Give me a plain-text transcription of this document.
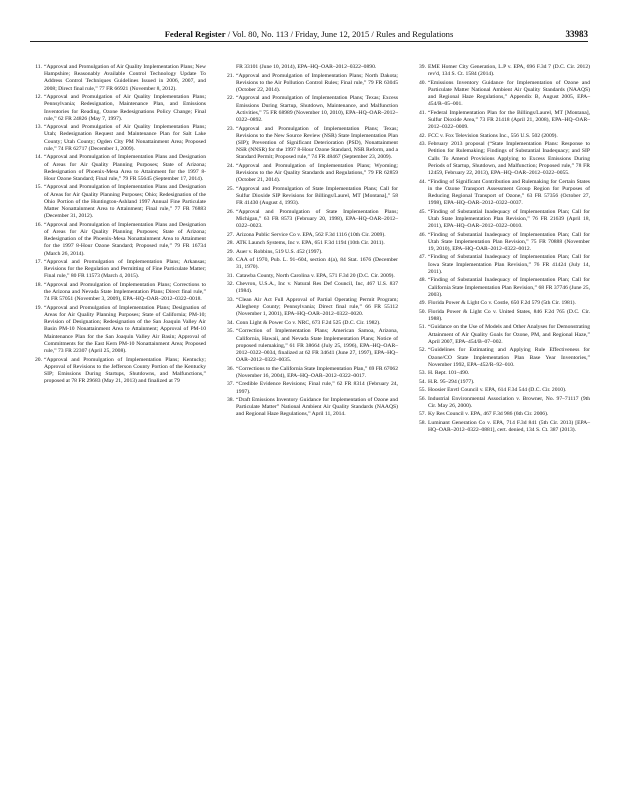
Federal Register / Vol. 80, No. 113 / Friday, June 12, 2015 / Rules and Regulations	33983
11. “Approval and Promulgation of Air Quality Implementation Plans; New Hampshire; Reasonably Available Control Technology Update To Address Control Techniques Guidelines Issued in 2006, 2007, and 2008; Direct final rule,” 77 FR 66921 (November 8, 2012).
12. “Approval and Promulgation of Air Quality Implementation Plans; Pennsylvania; Redesignation, Maintenance Plan, and Emissions Inventories for Reading, Ozone Redesignations Policy Change; Final rule,” 62 FR 24826 (May 7, 1997).
13. “Approval and Promulgation of Air Quality Implementation Plans; Utah; Redesignation Request and Maintenance Plan for Salt Lake County; Utah County; Ogden City PM Nonattainment Area; Proposed rule,” 74 FR 62717 (December 1, 2009).
14. “Approval and Promulgation of Implementation Plans and Designation of Areas for Air Quality Planning Purposes; State of Arizona; Redesignation of Phoenix-Mesa Area to Attainment for the 1997 8-Hour Ozone Standard; Final rule,” 79 FR 55645 (September 17, 2014).
15. “Approval and Promulgation of Implementation Plans and Designation of Areas for Air Quality Planning Purposes; Ohio; Redesignation of the Ohio Portion of the Huntington-Ashland 1997 Annual Fine Particulate Matter Nonattainment Area to Attainment; Final rule,” 77 FR 76883 (December 31, 2012).
16. “Approval and Promulgation of Implementation Plans and Designation of Areas for Air Quality Planning Purposes; State of Arizona; Redesignation of the Phoenix-Mesa Nonattainment Area to Attainment for the 1997 8-Hour Ozone Standard; Proposed rule,” 79 FR 16734 (March 26, 2014).
17. “Approval and Promulgation of Implementation Plans; Arkansas; Revisions for the Regulation and Permitting of Fine Particulate Matter; Final rule,” 80 FR 11573 (March 4, 2015).
18. “Approval and Promulgation of Implementation Plans; Corrections to the Arizona and Nevada State Implementation Plans; Direct final rule,” 74 FR 57051 (November 3, 2009), EPA–HQ–OAR–2012–0322–0018.
19. “Approval and Promulgation of Implementation Plans; Designation of Areas for Air Quality Planning Purposes; State of California; PM-10; Revision of Designation; Redesignation of the San Joaquin Valley Air Basin PM-10 Nonattainment Area to Attainment; Approval of PM-10 Maintenance Plan for the San Joaquin Valley Air Basin; Approval of Commitments for the East Kern PM-10 Nonattainment Area; Proposed rule,” 73 FR 22307 (April 25, 2008).
20. “Approval and Promulgation of Implementation Plans; Kentucky; Approval of Revisions to the Jefferson County Portion of the Kentucky SIP; Emissions During Startups, Shutdowns, and Malfunctions,” proposed at 78 FR 29683 (May 21, 2013) and finalized at 79
FR 33101 (June 10, 2014), EPA–HQ–OAR–2012–0322–0890.
21. “Approval and Promulgation of Implementation Plans; North Dakota; Revisions to the Air Pollution Control Rules; Final rule,” 79 FR 63045 (October 22, 2014).
22. “Approval and Promulgation of Implementation Plans; Texas; Excess Emissions During Startup, Shutdown, Maintenance, and Malfunction Activities,” 75 FR 68989 (November 10, 2010), EPA–HQ–OAR–2012–0322–0892.
23. “Approval and Promulgation of Implementation Plans; Texas; Revisions to the New Source Review (NSR) State Implementation Plan (SIP); Prevention of Significant Deterioration (PSD), Nonattainment NSR (NNSR) for the 1997 8-Hour Ozone Standard, NSR Reform, and a Standard Permit; Proposed rule,” 74 FR 48467 (September 23, 2009).
24. “Approval and Promulgation of Implementation Plans; Wyoming; Revisions to the Air Quality Standards and Regulations,” 79 FR 62859 (October 21, 2014).
25. “Approval and Promulgation of State Implementation Plans; Call for Sulfur Dioxide SIP Revisions for Billings/Laurel, MT [Montana],” 58 FR 41430 (August 4, 1993).
26. “Approval and Promulgation of State Implementation Plans; Michigan,” 63 FR 8573 (February 20, 1998), EPA–HQ–OAR–2012–0322–0023.
27. Arizona Public Service Co v. EPA, 562 F.3d 1116 (10th Cir. 2009).
28. ATK Launch Systems, Inc v. EPA, 651 F.3d 1194 (10th Cir. 2011).
29. Auer v. Robbins, 519 U.S. 452 (1997).
30. CAA of 1970, Pub. L. 91–604, section 4(a), 84 Stat. 1676 (December 31, 1970).
31. Catawba County, North Carolina v. EPA, 571 F.3d 20 (D.C. Cir. 2009).
32. Chevron, U.S.A., Inc v. Natural Res Def Council, Inc, 467 U.S. 837 (1984).
33. “Clean Air Act Full Approval of Partial Operating Permit Program; Allegheny County; Pennsylvania; Direct final rule,” 66 FR 55112 (November 1, 2001), EPA–HQ–OAR–2012–0322–0020.
34. Conn Light & Power Co v. NRC, 673 F.2d 525 (D.C. Cir. 1982).
35. “Correction of Implementation Plans; American Samoa, Arizona, California, Hawaii, and Nevada State Implementation Plans; Notice of proposed rulemaking,” 61 FR 38664 (July 25, 1996), EPA–HQ–OAR–2012–0322–0034, finalized at 62 FR 34641 (June 27, 1997), EPA–HQ–OAR–2012–0322–0035.
36. “Corrections to the California State Implementation Plan,” 69 FR 67062 (November 16, 2004), EPA–HQ–OAR–2012–0322–0017.
37. “Credible Evidence Revisions; Final rule,” 62 FR 8314 (February 24, 1997).
38. “Draft Emissions Inventory Guidance for Implementation of Ozone and Particulate Matter” National Ambient Air Quality Standards (NAAQS) and Regional Haze Regulations,” April 11, 2014.
39. EME Homer City Generation, L.P v. EPA, 696 F.3d 7 (D.C. Cir. 2012) rev'd, 134 S. Ct. 1584 (2014).
40. “Emissions Inventory Guidance for Implementation of Ozone and Particulate Matter National Ambient Air Quality Standards (NAAQS) and Regional Haze Regulations,” Appendix B, August 2005, EPA–454/R–05–001.
41. “Federal Implementation Plan for the Billings/Laurel, MT [Montana], Sulfur Dioxide Area,” 73 FR 21418 (April 21, 2008), EPA–HQ–OAR–2012–0322–0009.
42. FCC v. Fox Television Stations Inc., 556 U.S. 502 (2009).
43. February 2013 proposal (“State Implementation Plans: Response to Petition for Rulemaking; Findings of Substantial Inadequacy; and SIP Calls To Amend Provisions Applying to Excess Emissions During Periods of Startup, Shutdown, and Malfunction; Proposed rule,” 78 FR 12459, February 22, 2013), EPA–HQ–OAR–2012–0322–0055.
44. “Finding of Significant Contribution and Rulemaking for Certain States in the Ozone Transport Assessment Group Region for Purposes of Reducing Regional Transport of Ozone,” 63 FR 57356 (October 27, 1998), EPA–HQ–OAR–2012–0322–0037.
45. “Finding of Substantial Inadequacy of Implementation Plan; Call for Utah State Implementation Plan Revision,” 76 FR 21639 (April 18, 2011), EPA–HQ–OAR–2012–0322–0010.
46. “Finding of Substantial Inadequacy of Implementation Plan; Call for Utah State Implementation Plan Revision,” 75 FR 70888 (November 19, 2010), EPA–HQ–OAR–2012–0322–0012.
47. “Finding of Substantial Inadequacy of Implementation Plan; Call for Iowa State Implementation Plan Revision,” 76 FR 41424 (July 14, 2011).
48. “Finding of Substantial Inadequacy of Implementation Plan; Call for California State Implementation Plan Revision,” 68 FR 37746 (June 25, 2003).
49. Florida Power & Light Co v. Costle, 650 F.2d 579 (5th Cir. 1981).
50. Florida Power & Light Co v. United States, 846 F.2d 765 (D.C. Cir. 1988).
51. “Guidance on the Use of Models and Other Analyses for Demonstrating Attainment of Air Quality Goals for Ozone, PM, and Regional Haze,” April 2007, EPA–454/B–07–002.
52. “Guidelines for Estimating and Applying Rule Effectiveness for Ozone/CO State Implementation Plan Base Year Inventories,” November 1992, EPA–452/R–92–010.
53. H. Rept. 101–490.
54. H.R. 95–294 (1977).
55. Hoosier Envtl Council v. EPA, 614 F.3d 544 (D.C. Cir. 2010).
56. Industrial Environmental Association v. Browner, No. 97–71117 (9th Cir. May 26, 2000).
57. Ky Res Council v. EPA, 467 F.3d 986 (6th Cir. 2006).
58. Luminant Generation Co v. EPA, 714 F.3d 841 (5th Cir. 2013) [EPA–HQ–OAR–2012–0322–0881], cert. denied, 134 S. Ct. 387 (2013).
